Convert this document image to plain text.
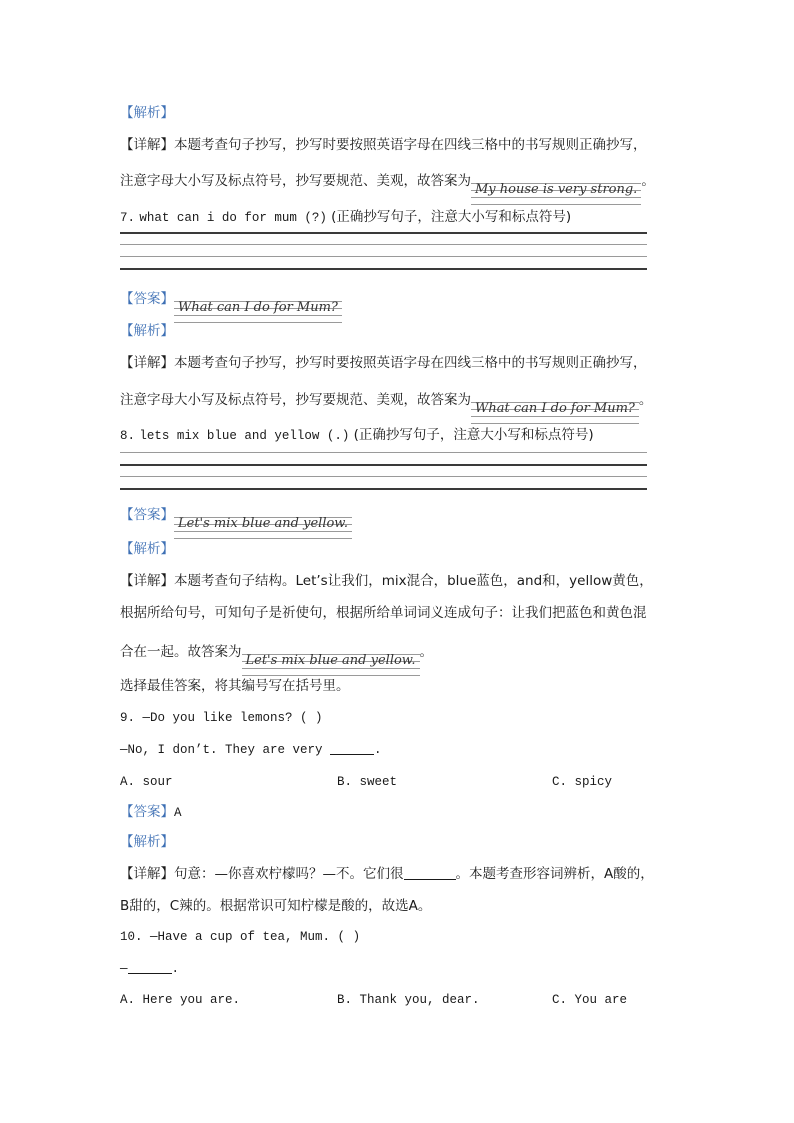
【解析】
【详解】本题考查句子抄写，抄写时要按照英语字母在四线三格中的书写规则正确抄写，
注意字母大小写及标点符号，抄写要规范、美观，故答案为My house is very strong.。
7. what can i do for mum (?) (正确抄写句子，注意大小写和标点符号)
【答案】What can I do for Mum?
【解析】
【详解】本题考查句子抄写，抄写时要按照英语字母在四线三格中的书写规则正确抄写，
注意字母大小写及标点符号，抄写要规范、美观，故答案为What can I do for Mum?。
8. lets mix blue and yellow (.) (正确抄写句子，注意大小写和标点符号)
【答案】Let's mix blue and yellow.
【解析】
【详解】本题考查句子结构。Let’s让我们，mix混合，blue蓝色，and和，yellow黄色，
根据所给句号，可知句子是祈使句，根据所给单词词义连成句子：让我们把蓝色和黄色混
合在一起。故答案为Let's mix blue and yellow.。
选择最佳答案，将其编号写在括号里。
9. —Do you like lemons? ( )
—No, I don’t. They are very	.
A. sour	B. sweet	C. spicy
【答案】A
【解析】
【详解】句意：—你喜欢柠檬吗？—不。它们很	。本题考查形容词辨析，A酸的，
B甜的，C辣的。根据常识可知柠檬是酸的，故选A。
10. —Have a cup of tea, Mum. ( )
—	.
A. Here you are.	B. Thank you, dear.	C. You are
